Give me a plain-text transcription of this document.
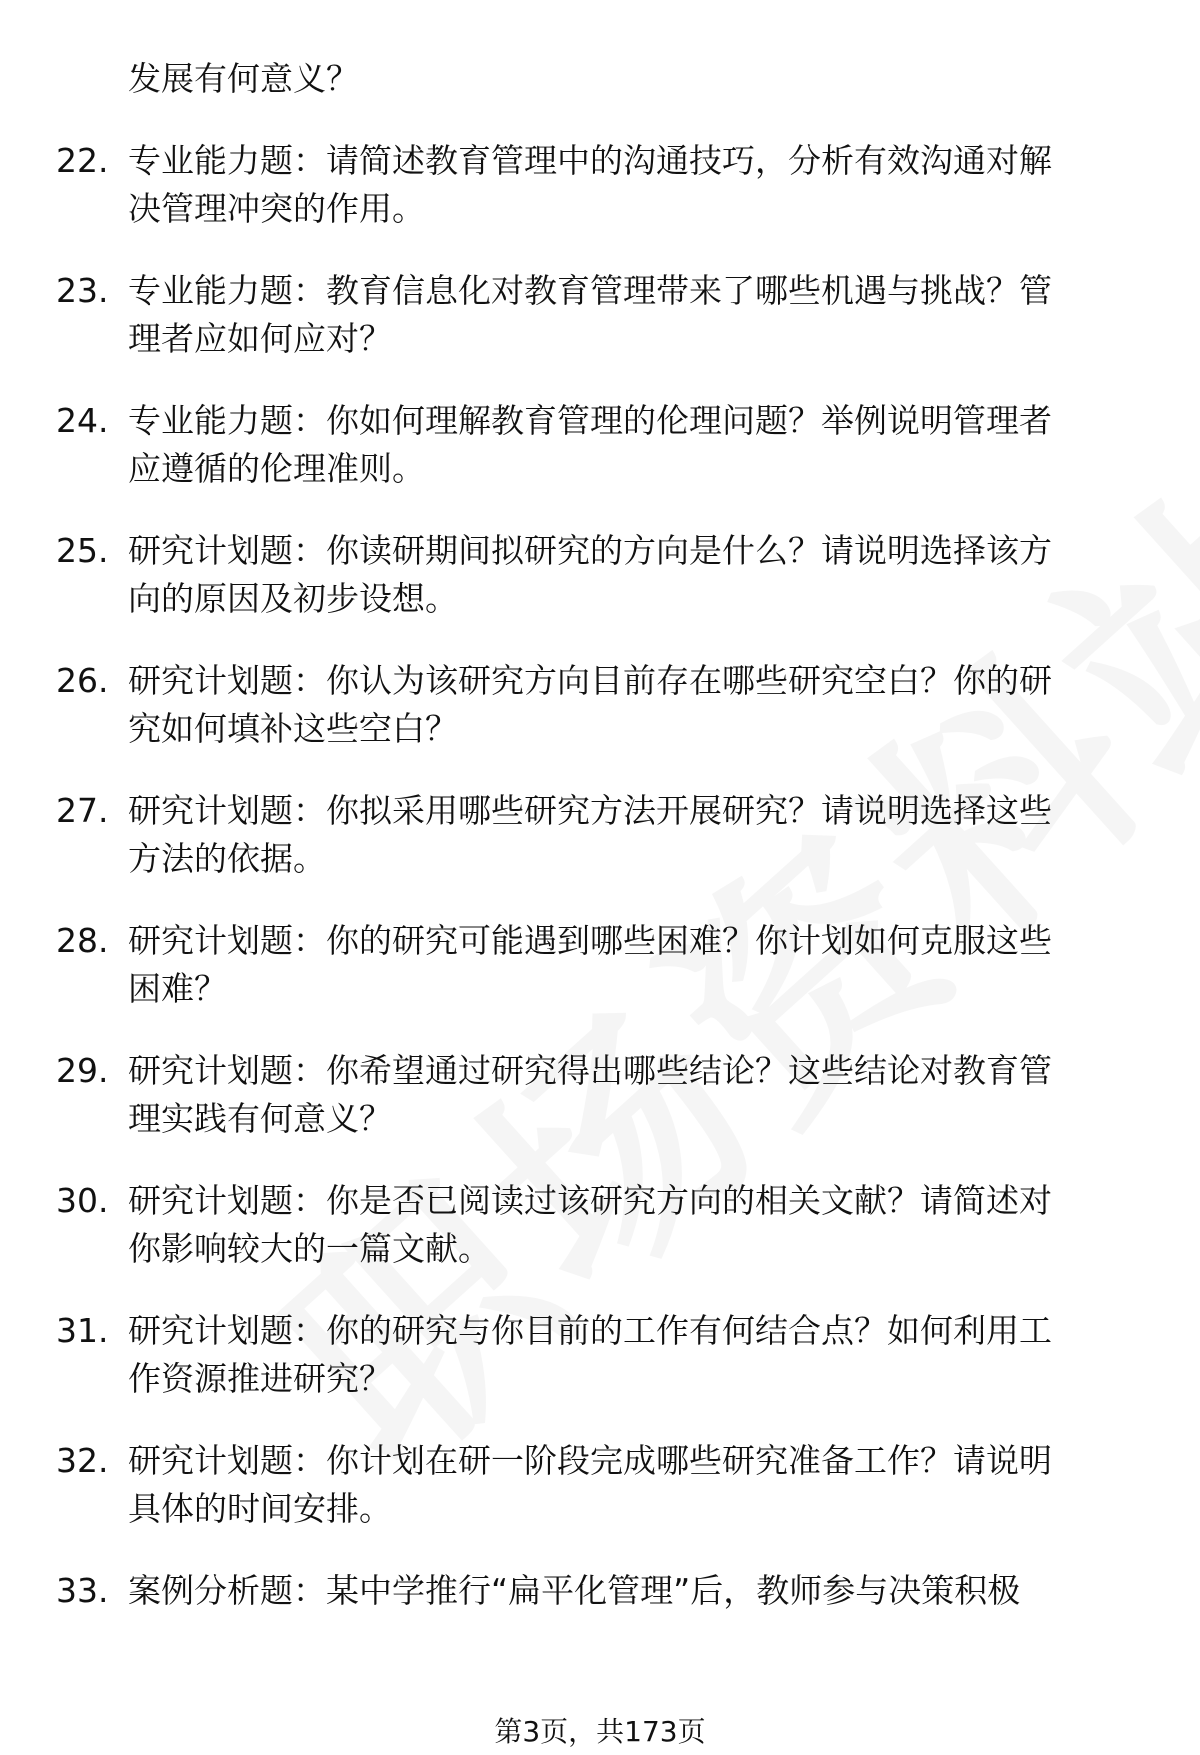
发展有何意义？
22. 专业能力题：请简述教育管理中的沟通技巧，分析有效沟通对解
决管理冲突的作用。
23. 专业能力题：教育信息化对教育管理带来了哪些机遇与挑战？管
理者应如何应对？
24. 专业能力题：你如何理解教育管理的伦理问题？举例说明管理者
应遵循的伦理准则。
25. 研究计划题：你读研期间拟研究的方向是什么？请说明选择该方
向的原因及初步设想。
26. 研究计划题：你认为该研究方向目前存在哪些研究空白？你的研
究如何填补这些空白？
27. 研究计划题：你拟采用哪些研究方法开展研究？请说明选择这些
方法的依据。
28. 研究计划题：你的研究可能遇到哪些困难？你计划如何克服这些
困难？
29. 研究计划题：你希望通过研究得出哪些结论？这些结论对教育管
理实践有何意义？
30. 研究计划题：你是否已阅读过该研究方向的相关文献？请简述对
你影响较大的一篇文献。
31. 研究计划题：你的研究与你目前的工作有何结合点？如何利用工
作资源推进研究？
32. 研究计划题：你计划在研一阶段完成哪些研究准备工作？请说明
具体的时间安排。
33. 案例分析题：某中学推行“扁平化管理”后，教师参与决策积极
第3页，共173页
